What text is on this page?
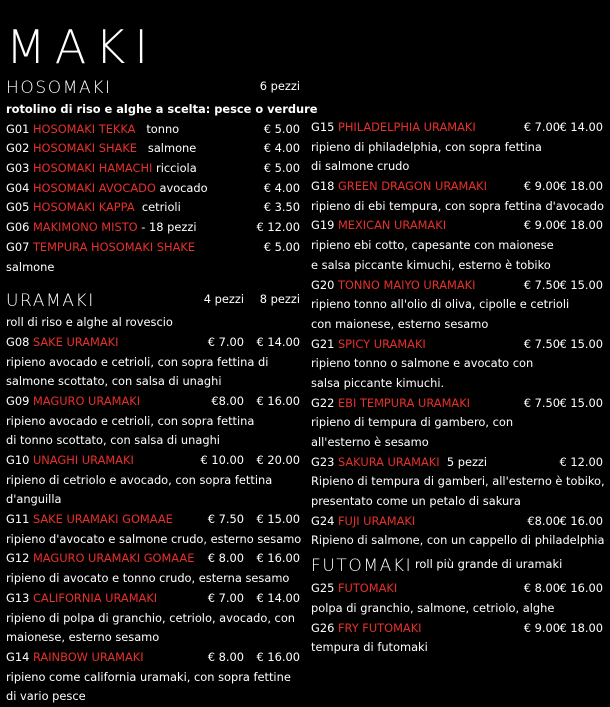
MAKI
HOSOMAKI	6 pezzi
rotolino di riso e alghe a scelta: pesce o verdure
G01 HOSOMAKI TEKKA tonno	€ 5.00
G02 HOSOMAKI SHAKE salmone	€ 4.00
G03 HOSOMAKI HAMACHI ricciola	€ 5.00
G04 HOSOMAKI AVOCADO avocado	€ 4.00
G05 HOSOMAKI KAPPA cetrioli	€ 3.50
G06 MAKIMONO MISTO - 18 pezzi	€ 12.00
G07 TEMPURA HOSOMAKI SHAKE	€ 5.00
salmone
URAMAKI	4 pezzi 8 pezzi
roll di riso e alghe al rovescio
G08 SAKE URAMAKI	€ 7.00 € 14.00
ripieno avocado e cetrioli, con sopra fettina di
salmone scottato, con salsa di unaghi
G09 MAGURO URAMAKI	€8.00 € 16.00
ripieno avocado e cetrioli, con sopra fettina
di tonno scottato, con salsa di unaghi
G10 UNAGHI URAMAKI	€ 10.00 € 20.00
ripieno di cetriolo e avocado, con sopra fettina
d'anguilla
G11 SAKE URAMAKI GOMAAE	€ 7.50 € 15.00
ripieno d'avocato e salmone crudo, esterno sesamo
G12 MAGURO URAMAKI GOMAAE € 8.00 € 16.00
ripieno di avocato e tonno crudo, esterna sesamo
G13 CALIFORNIA URAMAKI	€ 7.00 € 14.00
ripieno di polpa di granchio, cetriolo, avocado, con
maionese, esterno sesamo
G14 RAINBOW URAMAKI	€ 8.00 € 16.00
ripieno come california uramaki, con sopra fettine
di vario pesce
G15 PHILADELPHIA URAMAKI	€ 7.00 € 14.00
ripieno di philadelphia, con sopra fettina
di salmone crudo
G18 GREEN DRAGON URAMAKI	€ 9.00 € 18.00
ripieno di ebi tempura, con sopra fettina d'avocado
G19 MEXICAN URAMAKI	€ 9.00 € 18.00
ripieno ebi cotto, capesante con maionese
e salsa piccante kimuchi, esterno è tobiko
G20 TONNO MAIYO URAMAKI	€ 7.50 € 15.00
ripieno tonno all'olio di oliva, cipolle e cetrioli
con maionese, esterno sesamo
G21 SPICY URAMAKI	€ 7.50 € 15.00
ripieno tonno o salmone e avocato con
salsa piccante kimuchi.
G22 EBI TEMPURA URAMAKI	€ 7.50 € 15.00
ripieno di tempura di gambero, con
all'esterno è sesamo
G23 SAKURA URAMAKI 5 pezzi	€ 12.00
Ripieno di tempura di gamberi, all'esterno è tobiko,
presentato come un petalo di sakura
G24 FUJI URAMAKI	€8.00 € 16.00
Ripieno di salmone, con un cappello di philadelphia
FUTOMAKI roll più grande di uramaki
G25 FUTOMAKI	€ 8.00 € 16.00
polpa di granchio, salmone, cetriolo, alghe
G26 FRY FUTOMAKI	€ 9.00 € 18.00
tempura di futomaki
